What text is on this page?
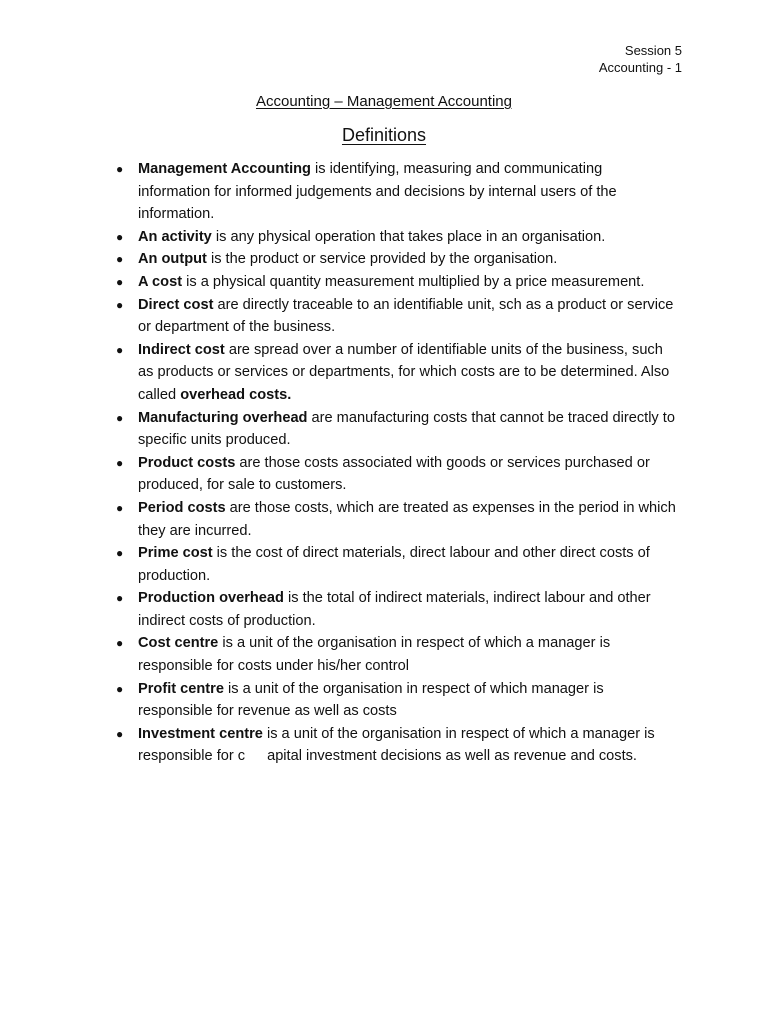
Session 5
Accounting - 1
Accounting – Management Accounting
Definitions
● Management Accounting is identifying, measuring and communicating information for informed judgements and decisions by internal users of the information.
● An activity is any physical operation that takes place in an organisation.
● An output is the product or service provided by the organisation.
● A cost is a physical quantity measurement multiplied by a price measurement.
● Direct cost are directly traceable to an identifiable unit, sch as a product or service or department of the business.
● Indirect cost are spread over a number of identifiable units of the business, such as products or services or departments, for which costs are to be determined. Also called overhead costs.
● Manufacturing overhead are manufacturing costs that cannot be traced directly to specific units produced.
● Product costs are those costs associated with goods or services purchased or produced, for sale to customers.
● Period costs are those costs, which are treated as expenses in the period in which they are incurred.
● Prime cost is the cost of direct materials, direct labour and other direct costs of production.
● Production overhead is the total of indirect materials, indirect labour and other indirect costs of production.
● Cost centre is a unit of the organisation in respect of which a manager is responsible for costs under his/her control
● Profit centre is a unit of the organisation in respect of which manager is responsible for revenue as well as costs
● Investment centre is a unit of the organisation in respect of which a manager is responsible for c apital investment decisions as well as revenue and costs.
